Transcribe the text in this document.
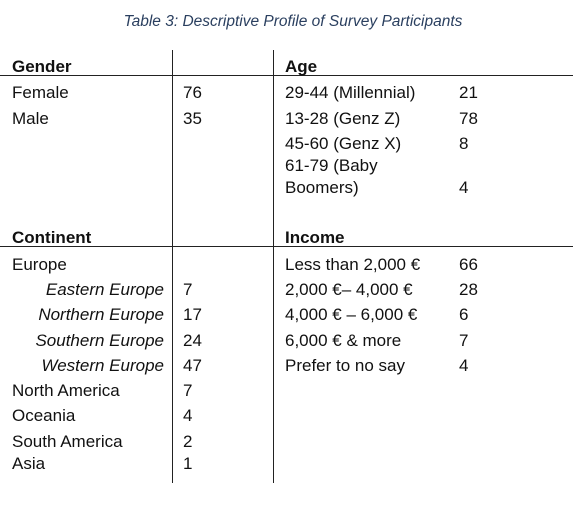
Table 3: Descriptive Profile of Survey Participants
Gender
Female	76
Male	35
Age
29-44 (Millennial)	21
13-28 (Genz Z)	78
45-60 (Genz X)	8
61-79 (Baby
Boomers)	4
Continent
Europe
Eastern Europe 7
Northern Europe 17
Southern Europe 24
Western Europe 47
North America	7
Oceania	4
South America	2
Asia	1
Income
Less than 2,000 € 66
2,000 €– 4,000 €	28
4,000 € – 6,000 € 6
6,000 € & more	7
Prefer to no say	4
